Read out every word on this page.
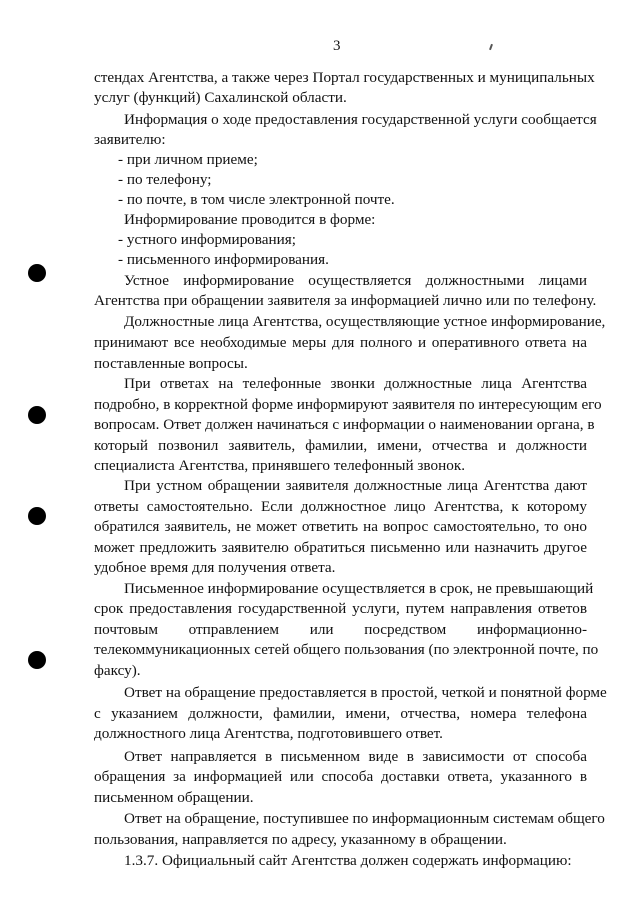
3

стендах Агентства, а также через Портал государственных и муниципальных

услуг (функций) Сахалинской области.

Информация о ходе предоставления государственной услуги сообщается

заявителю:

- при личном приеме;

- по телефону;

- по почте, в том числе электронной почте.

Информирование проводится в форме:

- устного информирования;

- письменного информирования.

Устное информирование осуществляется должностными лицами

Агентства при обращении заявителя за информацией лично или по телефону.

Должностные лица Агентства, осуществляющие устное информирование,

принимают все необходимые меры для полного и оперативного ответа на

поставленные вопросы.

При ответах на телефонные звонки должностные лица Агентства

подробно, в корректной форме информируют заявителя по интересующим его

вопросам. Ответ должен начинаться с информации о наименовании органа, в

который позвонил заявитель, фамилии, имени, отчества и должности

специалиста Агентства, принявшего телефонный звонок.

При устном обращении заявителя должностные лица Агентства дают

ответы самостоятельно. Если должностное лицо Агентства, к которому

обратился заявитель, не может ответить на вопрос самостоятельно, то оно

может предложить заявителю обратиться письменно или назначить другое

удобное время для получения ответа.

Письменное информирование осуществляется в срок, не превышающий

срок предоставления государственной услуги, путем направления ответов

почтовым отправлением или посредством информационно-

телекоммуникационных сетей общего пользования (по электронной почте, по

факсу).

Ответ на обращение предоставляется в простой, четкой и понятной форме

с указанием должности, фамилии, имени, отчества, номера телефона

должностного лица Агентства, подготовившего ответ.

Ответ направляется в письменном виде в зависимости от способа

обращения за информацией или способа доставки ответа, указанного в

письменном обращении.

Ответ на обращение, поступившее по информационным системам общего

пользования, направляется по адресу, указанному в обращении.

1.3.7. Официальный сайт Агентства должен содержать информацию:
